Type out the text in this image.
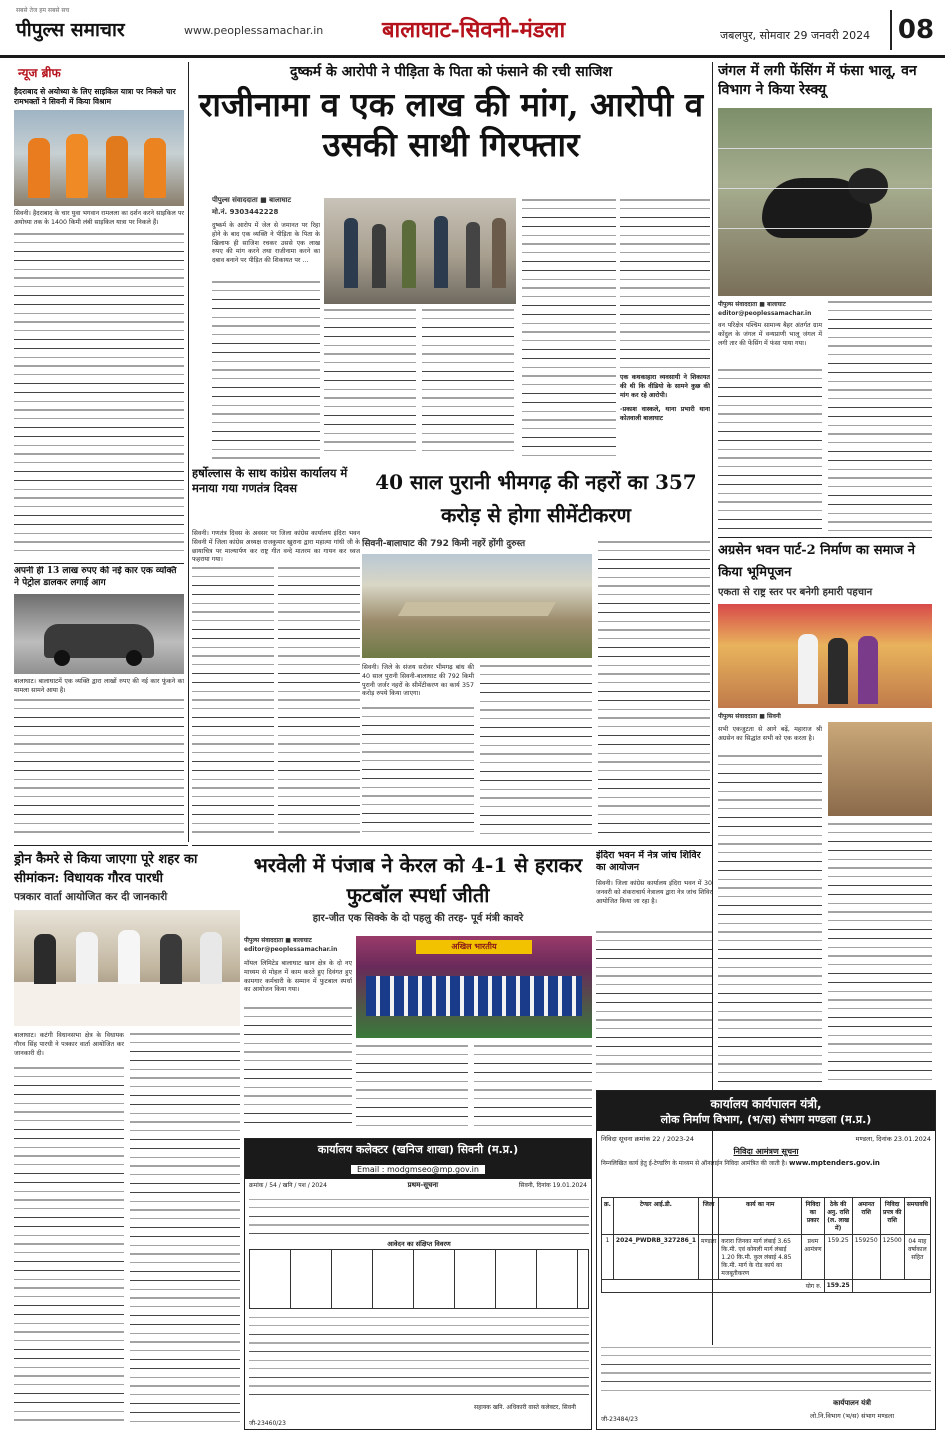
सबसे तेज हम सबसे सच
पीपुल्स समाचार	www.peoplessamachar.in	बालाघाट-सिवनी-मंडला	जबलपुर, सोमवार 29 जनवरी 2024	08
न्यूज ब्रीफ
हैदराबाद से अयोध्या के लिए साइकिल यात्रा पर निकले चार रामभक्तों ने सिवनी में किया विश्राम
सिवनी। हैदराबाद के चार युवा भगवान रामलला का दर्शन करने साइकिल पर अयोध्या तक के 1400 किमी लंबी साइकिल यात्रा पर निकले हैं।
अपनी ही 13 लाख रुपए की नई कार एक व्यक्ति ने पेट्रोल डालकर लगाई आग
बालाघाट। बालाघाटमें एक व्यक्ति द्वारा लाखों रुपए की नई कार फूंकने का मामला सामने आया है।
दुष्कर्म के आरोपी ने पीड़िता के पिता को फंसाने की रची साजिश
राजीनामा व एक लाख की मांग, आरोपी व उसकी साथी गिरफ्तार
पीपुल्स संवाददाता ■ बालाघाट
मो.नं. 9303442228
दुष्कर्म के आरोप में जेल से जमानत पर रिहा होने के बाद एक व्यक्ति ने पीड़िता के पिता के खिलाफ ही साजिश रचकर उससे एक लाख रुपए की मांग करने तथा राजीनामा करने का दबाव बनाने पर पीड़ित की शिकायत पर ...
एक कथकाहारा व्यवसायी ने शिकायत की थी कि वीडियो के सामने कुछ की मांग कर रहे आरोपी।
-प्रकाश वास्कले, थाना प्रभारी थाना कोतवाली बालाघाट
जंगल में लगी फेंसिंग में फंसा भालू, वन विभाग ने किया रेस्क्यू
पीपुल्स संवाददाता ■ बालाघाट
editor@peoplessamachar.in
वन परिक्षेत्र पश्चिम सामान्य बैहर अंतर्गत ग्राम कोंदुल के जंगल में वन्यप्राणी भालू जंगल में लगी तार की फेंसिंग में फंसा पाया गया।
हर्षोल्लास के साथ कांग्रेस कार्यालय में मनाया गया गणतंत्र दिवस
सिवनी। गणतंत्र दिवस के अवसर पर जिला कांग्रेस कार्यालय इंदिरा भवन सिवनी में जिला कांग्रेस अध्यक्ष राजकुमार खुराना द्वारा महात्मा गांधी जी के छायाचित्र पर माल्यार्पण कर राष्ट्र गीत वन्दे मातरम का गायन कर ध्वज फहराया गया।
40 साल पुरानी भीमगढ़ की नहरों का 357 करोड़ से होगा सीमेंटीकरण
सिवनी-बालाघाट की 792 किमी नहरें होंगी दुरुस्त
सिवनी। जिले के संजय सरोवर भीमगढ़ बांध की 40 साल पुरानी सिवनी-बालाघाट की 792 किमी पुरानी जर्जर नहरों के सीमेंटीकरण का कार्य 357 करोड़ रुपये किया जाएगा।
अग्रसेन भवन पार्ट-2 निर्माण का समाज ने किया भूमिपूजन
एकता से राष्ट्र स्तर पर बनेगी हमारी पहचान
पीपुल्स संवाददाता ■ सिवनी
सभी एकजुटता से आगे बढ़ें, महाराज श्री अग्रसेन का सिद्धांत सभी को एक करता है।
इंदिरा भवन में नेत्र जांच शिविर का आयोजन
सिवनी। जिला कांग्रेस कार्यालय इंदिरा भवन में 30 जनवरी को शंकराचार्य नेत्रालय द्वारा नेत्र जांच शिविर आयोजित किया जा रहा है।
ड्रोन कैमरे से किया जाएगा पूरे शहर का सीमांकन: विधायक गौरव पारधी
पत्रकार वार्ता आयोजित कर दी जानकारी
बालाघाट। कटंगी विधानसभा क्षेत्र के विधायक गौरव सिंह पारधी ने पत्रकार वार्ता आयोजित कर जानकारी दी।
भरवेली में पंजाब ने केरल को 4-1 से हराकर फुटबॉल स्पर्धा जीती
हार-जीत एक सिक्के के दो पहलु की तरह- पूर्व मंत्री कावरे
पीपुल्स संवाददाता ■ बालाघाट
editor@peoplessamachar.in
मॉयल लिमिटेड बालाघाट खान क्षेत्र के दो नए माध्यम से मोहल में काम करते हुए दिवंगत हुए कामगार कर्मचारी के सम्मान में फुटबाल स्पर्धा का आयोजन किया गया।
अखिल भारतीय
कार्यालय कलेक्टर (खनिज शाखा) सिवनी (म.प्र.)
Email : modgmseo@mp.gov.in
क्रमांक / 54 / खनि / पश / 2024	प्रथम-सूचना	सिवनी, दिनांक 19.01.2024
आवेदन का संक्षिप्त विवरण
सहायक खनि. अधिकारी वास्ते कलेक्टर, सिवनी
जी-23460/23
कार्यालय कार्यपालन यंत्री,
लोक निर्माण विभाग, (भ/स) संभाग मण्डला (म.प्र.)
निविदा सूचना क्रमांक 22 / 2023-24	मण्डला, दिनांक 23.01.2024
निविदा आमंत्रण सूचना
निम्नलिखित कार्य हेतु ई-टेण्डरिंग के माध्यम से ऑनलाईन निविदा आमंत्रित की जाती है। www.mptenders.gov.in
क्र.	टेण्डर आई.डी.	जिला	कार्य का नाम	निविदा का प्रकार	ठेके की अनु. राशि (ल. लाख में)	अमानत राशि	निविदा प्रपत्र की राशि	समयावधि
1	2024_PWDRB_327286_1	मण्डला	करारा जिनका मार्ग लंबाई 3.65 कि.मी. एवं कोयली मार्ग लंबाई 1.20 कि.मी. कुल लंबाई 4.85 कि.मी. मार्ग के रोड कार्य का मजबूतीकरण	प्रथम आमंत्रण	159.25	159250	12500	04 माह वर्षाकाल सहित
योग रु.					159.25			
कार्यपालन यंत्री
लो.नि.विभाग (भ/स) संभाग मण्डला
जी-23484/23
